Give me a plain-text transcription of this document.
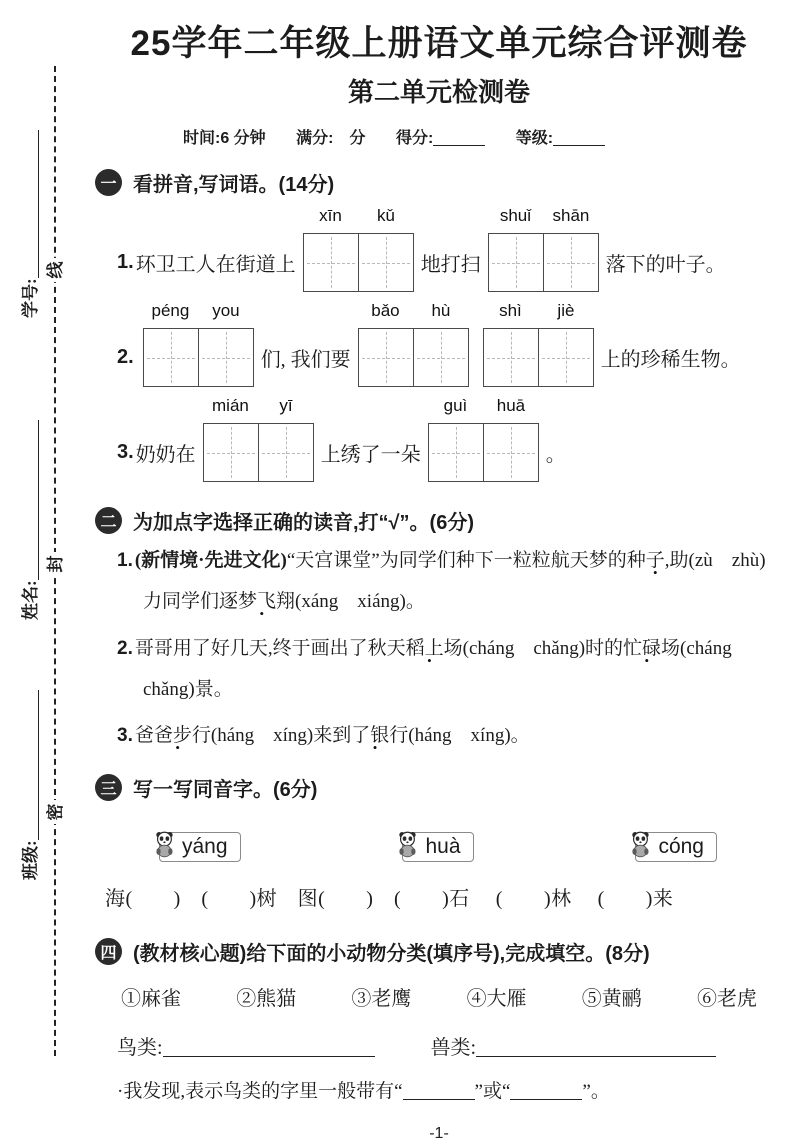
线
封
密
学号:
姓名:
班级:
25学年二年级上册语文单元综合评测卷
第二单元检测卷
时间:6 分钟 满分:　分 得分:	等级:
一 看拼音,写词语。(14分)
1. 环卫工人在街道上
xīn	kǔ
地打扫
shuǐ	shān
落下的叶子。
2.
péng	you
们, 我们要
bǎo	hù	shì	jiè
上的珍稀生物。
3. 奶奶在
mián	yī
上绣了一朵
guì	huā
。
二 为加点字选择正确的读音,打“√”。(6分)
1. (新情境·先进文化)“天宫课堂”为同学们种下一粒粒航天梦的种子,助(zù　zhù)力同学们逐梦飞翔(xáng　xiáng)。
2. 哥哥用了好几天,终于画出了秋天稻上场(cháng　chǎng)时的忙碌场(cháng　chǎng)景。
3. 爸爸步行(háng　xíng)来到了银行(háng　xíng)。
三 写一写同音字。(6分)
yáng	huà	cóng
海(　　)　(　　)树　图(　　)　(　　)石　 (　　)林　 (　　)来
四 (教材核心题)给下面的小动物分类(填序号),完成填空。(8分)
①麻雀	②熊猫	③老鹰	④大雁	⑤黄鹂	⑥老虎
鸟类:	兽类:
·我发现,表示鸟类的字里一般带有“	”或“	”。
-1-
